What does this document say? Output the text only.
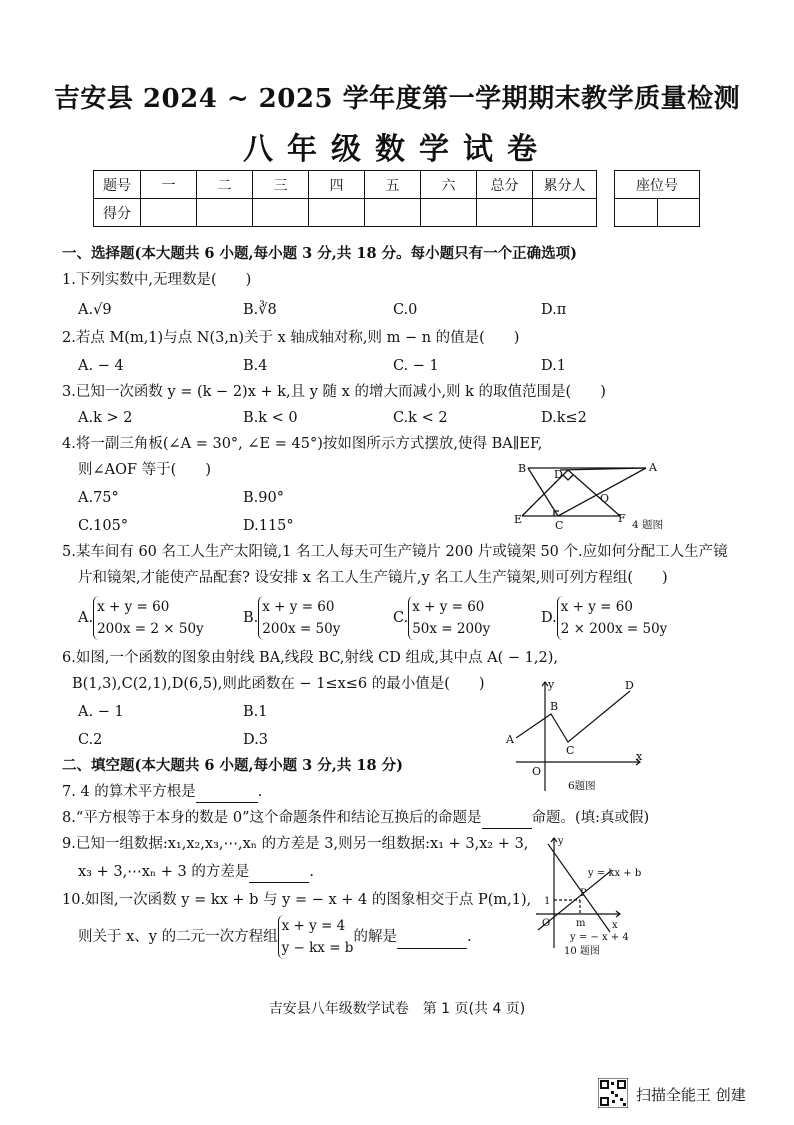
吉安县 2024 ~ 2025 学年度第一学期期末教学质量检测
八年级数学试卷
题号	一	二	三	四	五	六	总分	累分人
得分								
座位号

一、选择题(本大题共 6 小题,每小题 3 分,共 18 分。每小题只有一个正确选项)
1.下列实数中,无理数是(　　)
A.√9	B.∛8	C.0	D.π
2.若点 M(m,1)与点 N(3,n)关于 x 轴成轴对称,则 m − n 的值是(　　)
A. − 4	B.4	C. − 1	D.1
3.已知一次函数 y = (k − 2)x + k,且 y 随 x 的增大而减小,则 k 的取值范围是(　　)
A.k > 2	B.k < 0	C.k < 2	D.k≤2
4.将一副三角板(∠A = 30°, ∠E = 45°)按如图所示方式摆放,使得 BA∥EF,
则∠AOF 等于(　　)
A.75°	B.90°
C.105°	D.115°
B	D
A
O
E	C
F 4 题图
5.某车间有 60 名工人生产太阳镜,1 名工人每天可生产镜片 200 片或镜架 50 个.应如何分配工人生产镜
片和镜架,才能使产品配套? 设安排 x 名工人生产镜片,y 名工人生产镜架,则可列方程组(　　)
A.x + y = 60
200x = 2 × 50y
B.x + y = 60
200x = 50y
C.x + y = 60
50x = 200y
D.x + y = 60
2 × 200x = 50y
6.如图,一个函数的图象由射线 BA,线段 BC,射线 CD 组成,其中点 A( − 1,2),
B(1,3),C(2,1),D(6,5),则此函数在 − 1≤x≤6 的最小值是(　　)
A. − 1	B.1
C.2	D.3
y
x
O
A
B
C
D
6题图
二、填空题(本大题共 6 小题,每小题 3 分,共 18 分)
7. 4 的算术平方根是	.
8.“平方根等于本身的数是 0”这个命题条件和结论互换后的命题是	命题。(填:真或假)
9.已知一组数据:x₁,x₂,x₃,⋯,xₙ 的方差是 3,则另一组数据:x₁ + 3,x₂ + 3,
x₃ + 3,⋯xₙ + 3 的方差是	.
10.如图,一次函数 y = kx + b 与 y = − x + 4 的图象相交于点 P(m,1),
则关于 x、y 的二元一次方程组x + y = 4
y − kx = b的解是	.
y
x
O
P
1
m
y = kx + b
y = − x + 4
10 题图
吉安县八年级数学试卷　第 1 页(共 4 页)
扫描全能王 创建
